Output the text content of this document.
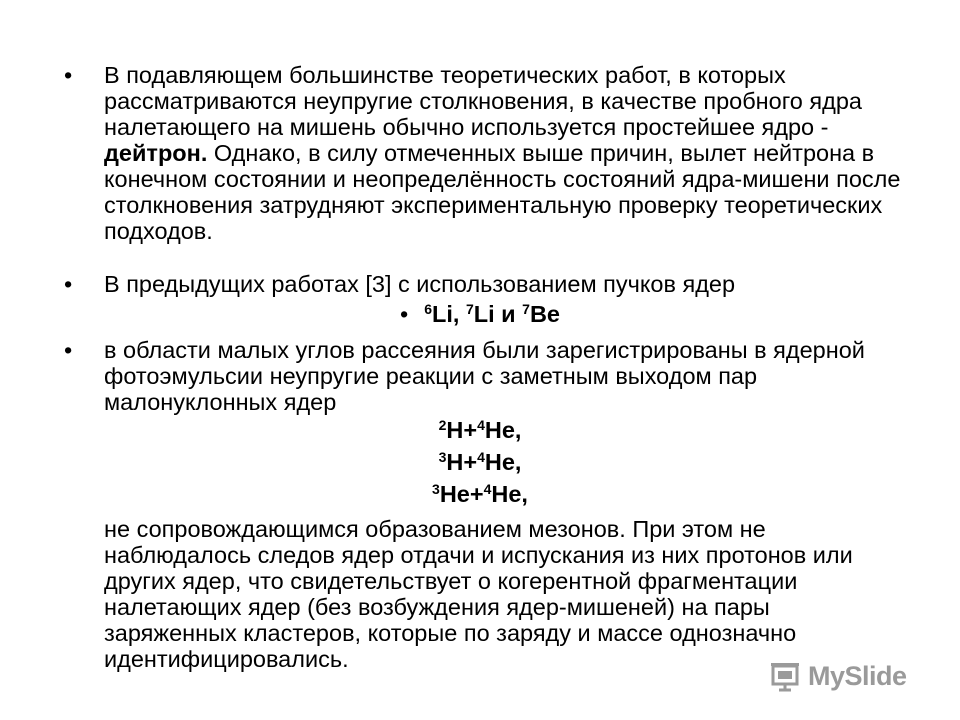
• В подавляющем большинстве теоретических работ, в которых рассматриваются неупругие столкновения, в качестве пробного ядра налетающего на мишень обычно используется простейшее ядро - дейтрон. Однако, в силу отмеченных выше причин, вылет нейтрона в конечном состоянии и неопределённость состояний ядра-мишени после столкновения затрудняют экспериментальную проверку теоретических подходов.

• В предыдущих работах [3] с использованием пучков ядер

• $^6$Li, $^7$Li и $^7$Be
• в области малых углов рассеяния были зарегистрированы в ядерной фотоэмульсии неупругие реакции с заметным выходом пар малонуклонных ядер

$^2$H+$^4$He,
$^3$H+$^4$He,
$^3$He+$^4$He,

не сопровождающимся образованием мезонов. При этом не наблюдалось следов ядер отдачи и испускания из них протонов или других ядер, что свидетельствует о когерентной фрагментации налетающих ядер (без возбуждения ядер-мишеней) на пары заряженных кластеров, которые по заряду и массе однозначно идентифицировались.

MySlide
